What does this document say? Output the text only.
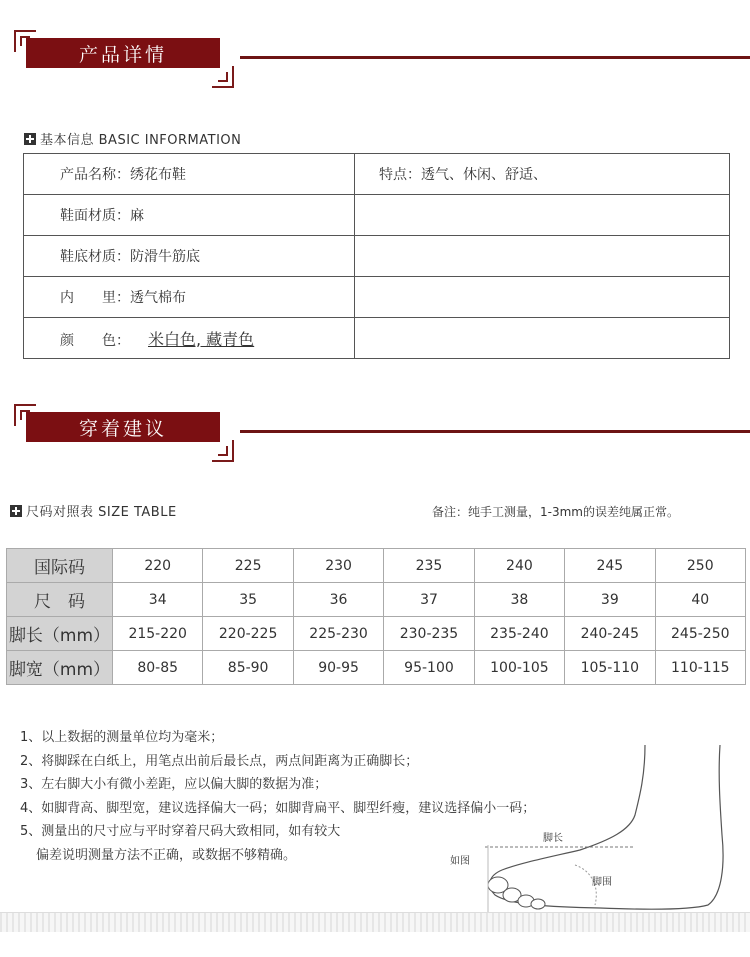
产品详情
基本信息 BASIC INFORMATION
产品名称：绣花布鞋	特点：透气、休闲、舒适、
鞋面材质：麻	
鞋底材质：防滑牛筋底	
内　　里：透气棉布	
颜　　色： 米白色, 藏青色	
穿着建议
尺码对照表 SIZE TABLE	备注：纯手工测量，1-3mm的误差纯属正常。
国际码	220	225	230	235	240	245	250
尺　码	34	35	36	37	38	39	40
脚长（mm）	215-220	220-225	225-230	230-235	235-240	240-245	245-250
脚宽（mm）	80-85	85-90	90-95	95-100	100-105	105-110	110-115
1、以上数据的测量单位均为毫米；
2、将脚踩在白纸上，用笔点出前后最长点，两点间距离为正确脚长；
3、左右脚大小有微小差距，应以偏大脚的数据为准；
4、如脚背高、脚型宽，建议选择偏大一码；如脚背扁平、脚型纤瘦，建议选择偏小一码；
5、测量出的尺寸应与平时穿着尺码大致相同，如有较大
偏差说明测量方法不正确，或数据不够精确。
脚长
如图
脚围
